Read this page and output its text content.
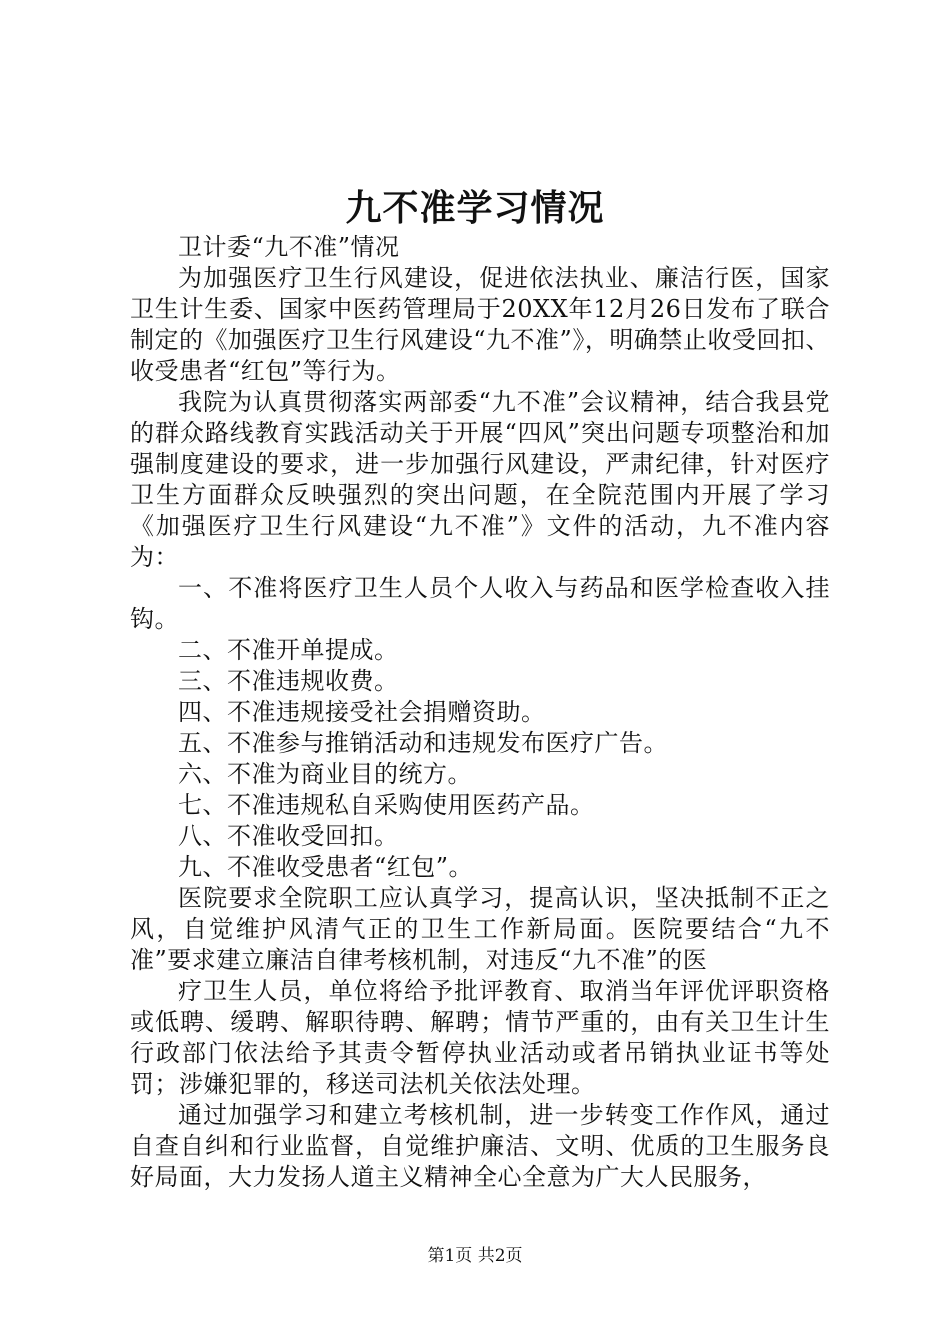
九不准学习情况

卫计委“九不准”情况

为加强医疗卫生行风建设，促进依法执业、廉洁行医，国家卫生计生委、国家中医药管理局于20XX年12月26日发布了联合制定的《加强医疗卫生行风建设“九不准”》，明确禁止收受回扣、收受患者“红包”等行为。

我院为认真贯彻落实两部委“九不准”会议精神，结合我县党的群众路线教育实践活动关于开展“四风”突出问题专项整治和加强制度建设的要求，进一步加强行风建设，严肃纪律，针对医疗卫生方面群众反映强烈的突出问题，在全院范围内开展了学习《加强医疗卫生行风建设“九不准”》文件的活动，九不准内容为：

一、不准将医疗卫生人员个人收入与药品和医学检查收入挂钩。

二、不准开单提成。

三、不准违规收费。

四、不准违规接受社会捐赠资助。

五、不准参与推销活动和违规发布医疗广告。

六、不准为商业目的统方。

七、不准违规私自采购使用医药产品。

八、不准收受回扣。

九、不准收受患者“红包”。

医院要求全院职工应认真学习，提高认识，坚决抵制不正之风，自觉维护风清气正的卫生工作新局面。医院要结合“九不准”要求建立廉洁自律考核机制，对违反“九不准”的医

疗卫生人员，单位将给予批评教育、取消当年评优评职资格或低聘、缓聘、解职待聘、解聘；情节严重的，由有关卫生计生行政部门依法给予其责令暂停执业活动或者吊销执业证书等处罚；涉嫌犯罪的，移送司法机关依法处理。

通过加强学习和建立考核机制，进一步转变工作作风，通过自查自纠和行业监督，自觉维护廉洁、文明、优质的卫生服务良好局面，大力发扬人道主义精神全心全意为广大人民服务，

第1页 共2页
